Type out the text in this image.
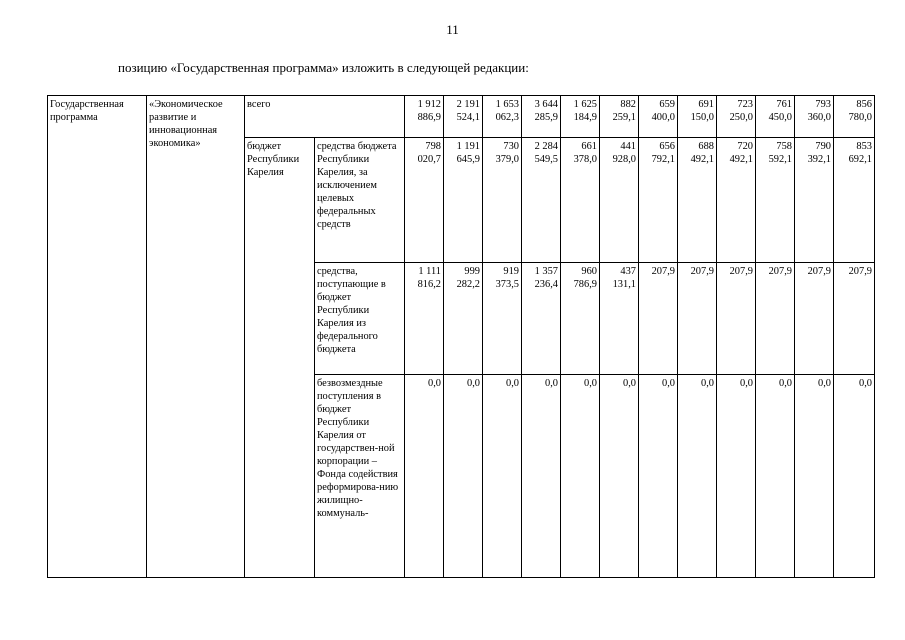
11
позицию «Государственная программа» изложить в следующей редакции:
Государственная программа	«Экономическое развитие и инновационная экономика»	всего		1 912
886,9	2 191
524,1	1 653
062,3	3 644
285,9	1 625
184,9	882
259,1	659
400,0	691
150,0	723
250,0	761
450,0	793
360,0	856
780,0

		бюджет Республики Карелия	средства бюджета Республики Карелия, за исключением целевых федеральных средств	798
020,7	1 191
645,9	730
379,0	2 284
549,5	661
378,0	441
928,0	656
792,1	688
492,1	720
492,1	758
592,1	790
392,1	853
692,1

			средства, поступающие в бюджет Республики Карелия из федерального бюджета	1 111
816,2	999
282,2	919
373,5	1 357
236,4	960
786,9	437
131,1	207,9	207,9	207,9	207,9	207,9	207,9

			безвозмездные поступления в бюджет Республики Карелия от государствен-ной корпорации – Фонда содействия реформирова-нию жилищно-коммуналь-	0,0	0,0	0,0	0,0	0,0	0,0	0,0	0,0	0,0	0,0	0,0	0,0
